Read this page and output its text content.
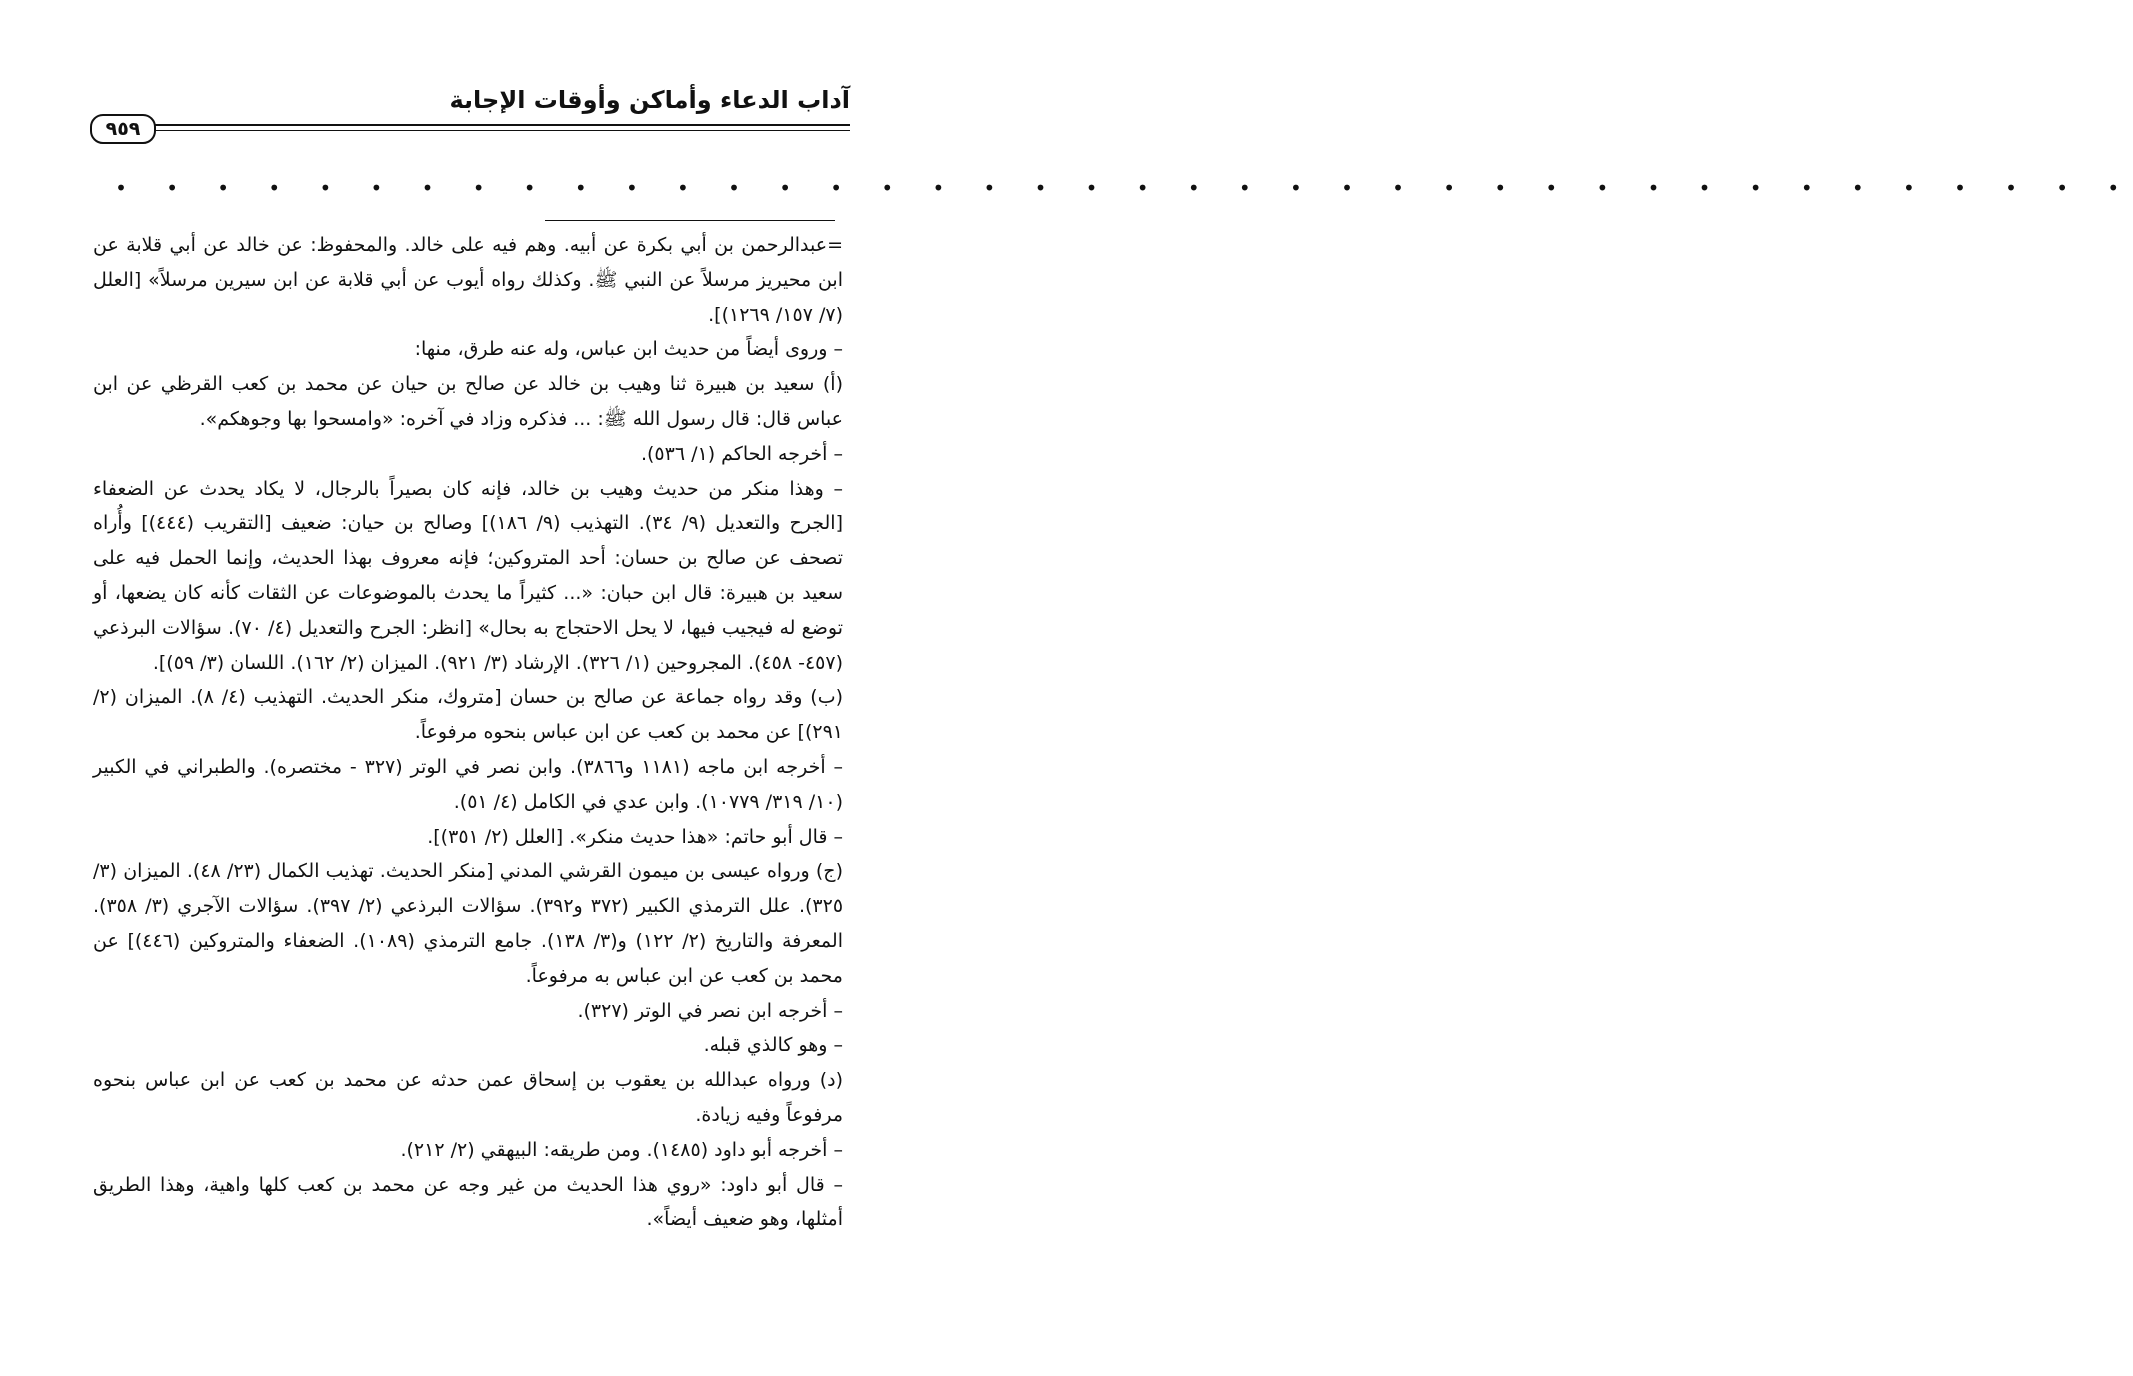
آداب الدعاء وأماكن وأوقات الإجابة
٩٥٩
• • • • • • • • • • • • • • • • • • • • • • • • • • • • • • • • • • • • • • • •

=عبدالرحمن بن أبي بكرة عن أبيه. وهم فيه على خالد. والمحفوظ: عن خالد عن أبي قلابة عن ابن محيريز مرسلاً عن النبي ﷺ. وكذلك رواه أيوب عن أبي قلابة عن ابن سيرين مرسلاً» [العلل (٧/ ١٥٧/ ١٢٦٩)].

– وروى أيضاً من حديث ابن عباس، وله عنه طرق، منها:

(أ) سعيد بن هبيرة ثنا وهيب بن خالد عن صالح بن حيان عن محمد بن كعب القرظي عن ابن عباس قال: قال رسول الله ﷺ: ... فذكره وزاد في آخره: «وامسحوا بها وجوهكم».

– أخرجه الحاكم (١/ ٥٣٦).

– وهذا منكر من حديث وهيب بن خالد، فإنه كان بصيراً بالرجال، لا يكاد يحدث عن الضعفاء [الجرح والتعديل (٩/ ٣٤). التهذيب (٩/ ١٨٦)] وصالح بن حيان: ضعيف [التقريب (٤٤٤)] وأُراه تصحف عن صالح بن حسان: أحد المتروكين؛ فإنه معروف بهذا الحديث، وإنما الحمل فيه على سعيد بن هبيرة: قال ابن حبان: «... كثيراً ما يحدث بالموضوعات عن الثقات كأنه كان يضعها، أو توضع له فيجيب فيها، لا يحل الاحتجاج به بحال» [انظر: الجرح والتعديل (٤/ ٧٠). سؤالات البرذعي (٤٥٧- ٤٥٨). المجروحين (١/ ٣٢٦). الإرشاد (٣/ ٩٢١). الميزان (٢/ ١٦٢). اللسان (٣/ ٥٩)].

(ب) وقد رواه جماعة عن صالح بن حسان [متروك، منكر الحديث. التهذيب (٤/ ٨). الميزان (٢/ ٢٩١)] عن محمد بن كعب عن ابن عباس بنحوه مرفوعاً.

– أخرجه ابن ماجه (١١٨١ و٣٨٦٦). وابن نصر في الوتر (٣٢٧ - مختصره). والطبراني في الكبير (١٠/ ٣١٩/ ١٠٧٧٩). وابن عدي في الكامل (٤/ ٥١).

– قال أبو حاتم: «هذا حديث منكر». [العلل (٢/ ٣٥١)].

(ج) ورواه عيسى بن ميمون القرشي المدني [منكر الحديث. تهذيب الكمال (٢٣/ ٤٨). الميزان (٣/ ٣٢٥). علل الترمذي الكبير (٣٧٢ و٣٩٢). سؤالات البرذعي (٢/ ٣٩٧). سؤالات الآجري (٣/ ٣٥٨). المعرفة والتاريخ (٢/ ١٢٢) و(٣/ ١٣٨). جامع الترمذي (١٠٨٩). الضعفاء والمتروكين (٤٤٦)] عن محمد بن كعب عن ابن عباس به مرفوعاً.

– أخرجه ابن نصر في الوتر (٣٢٧).

– وهو كالذي قبله.

(د) ورواه عبدالله بن يعقوب بن إسحاق عمن حدثه عن محمد بن كعب عن ابن عباس بنحوه مرفوعاً وفيه زيادة.

– أخرجه أبو داود (١٤٨٥). ومن طريقه: البيهقي (٢/ ٢١٢).

– قال أبو داود: «روي هذا الحديث من غير وجه عن محمد بن كعب كلها واهية، وهذا الطريق أمثلها، وهو ضعيف أيضاً».
